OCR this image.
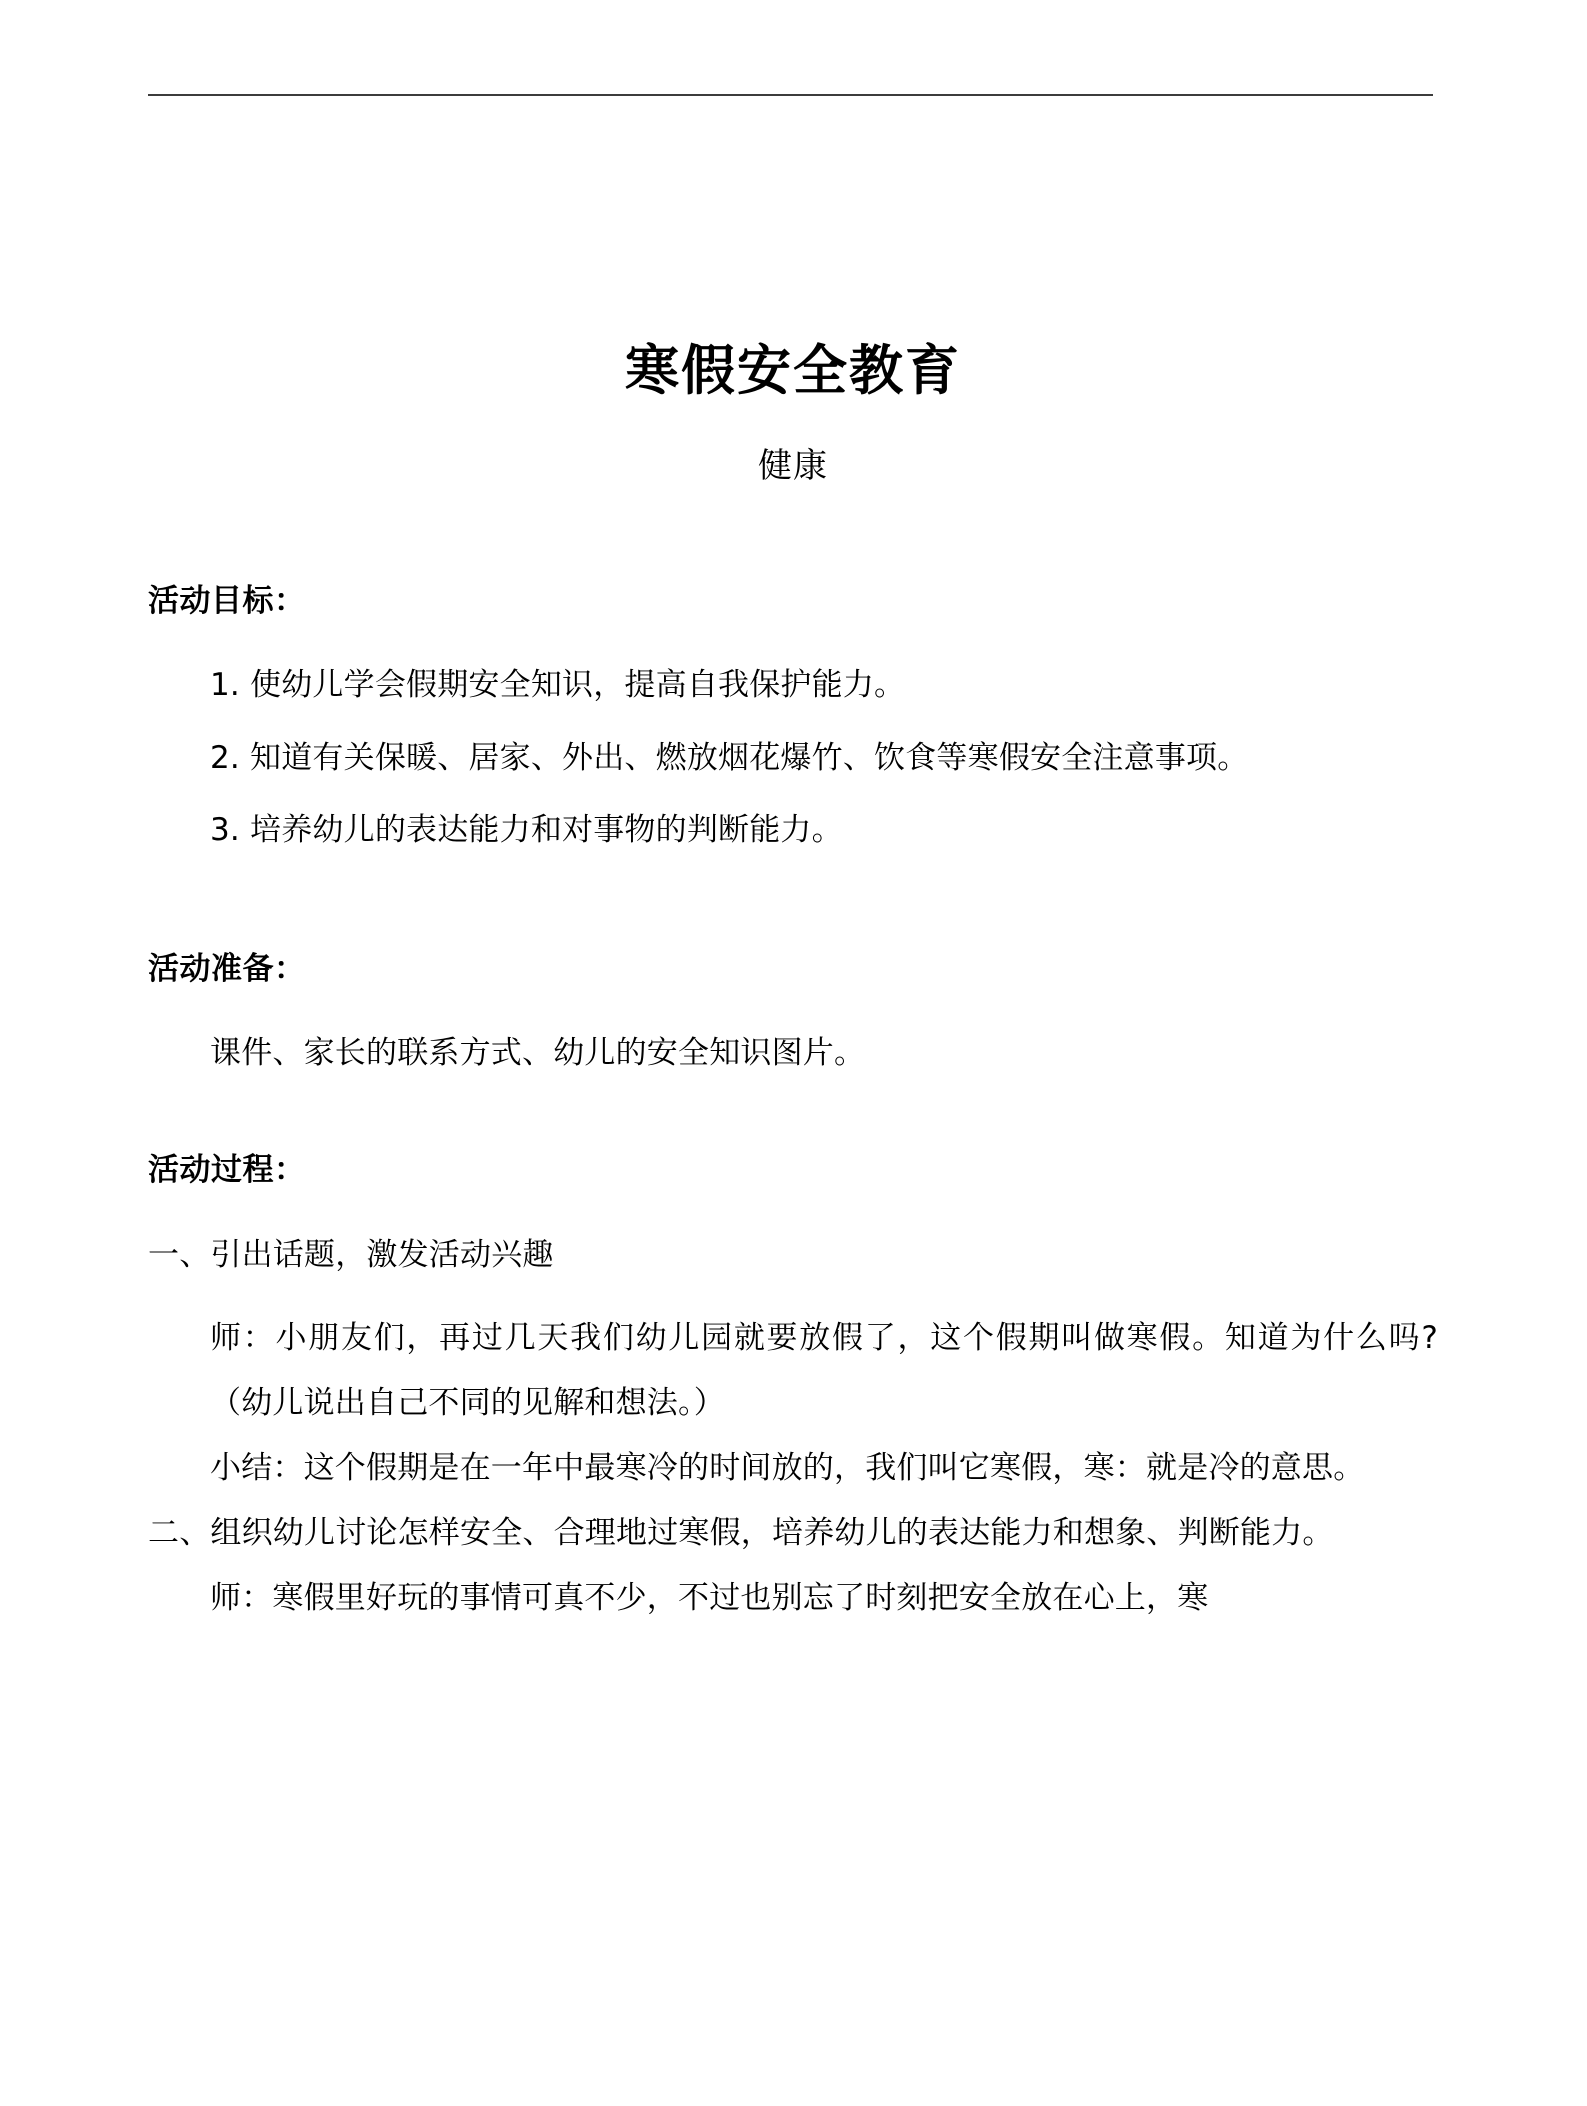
寒假安全教育
健康
活动目标：

1. 使幼儿学会假期安全知识，提高自我保护能力。

2. 知道有关保暖、居家、外出、燃放烟花爆竹、饮食等寒假安全注意事项。

3. 培养幼儿的表达能力和对事物的判断能力。

活动准备：

课件、家长的联系方式、幼儿的安全知识图片。

活动过程：

一、引出话题，激发活动兴趣

师：小朋友们，再过几天我们幼儿园就要放假了，这个假期叫做寒假。知道为什么吗?（幼儿说出自己不同的见解和想法。）

小结：这个假期是在一年中最寒冷的时间放的，我们叫它寒假，寒：就是冷的意思。

二、组织幼儿讨论怎样安全、合理地过寒假，培养幼儿的表达能力和想象、判断能力。

师：寒假里好玩的事情可真不少，不过也别忘了时刻把安全放在心上，寒
